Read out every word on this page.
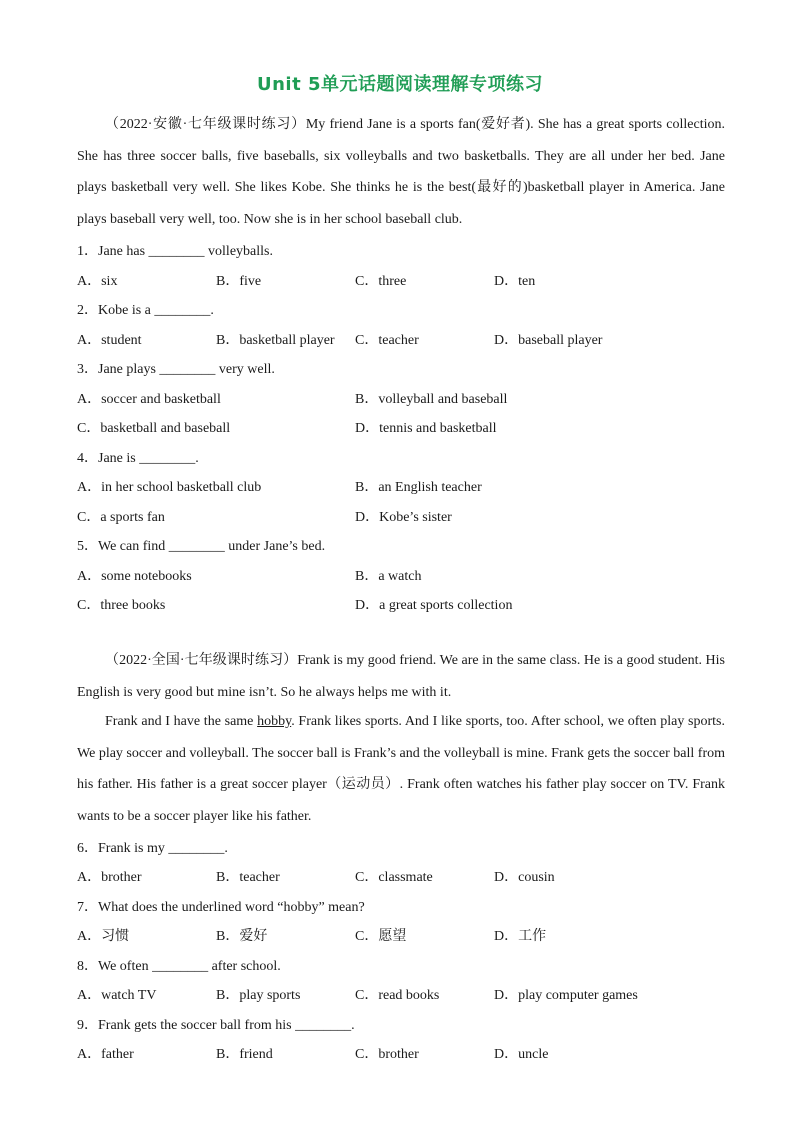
Unit 5单元话题阅读理解专项练习
（2022·安徽·七年级课时练习）My friend Jane is a sports fan(爱好者). She has a great sports collection. She has three soccer balls, five baseballs, six volleyballs and two basketballs. They are all under her bed. Jane plays basketball very well. She likes Kobe. She thinks he is the best(最好的)basketball player in America. Jane plays baseball very well, too. Now she is in her school baseball club.
1．Jane has ________ volleyballs.
A．six	B．five	C．three	D．ten
2．Kobe is a ________.
A．student	B．basketball player C．teacher	D．baseball player
3．Jane plays ________ very well.
A．soccer and basketball	B．volleyball and baseball
C．basketball and baseball	D．tennis and basketball
4．Jane is ________.
A．in her school basketball club	B．an English teacher
C．a sports fan	D．Kobe’s sister
5．We can find ________ under Jane’s bed.
A．some notebooks	B．a watch
C．three books	D．a great sports collection
（2022·全国·七年级课时练习）Frank is my good friend. We are in the same class. He is a good student. His English is very good but mine isn’t. So he always helps me with it.
Frank and I have the same hobby. Frank likes sports. And I like sports, too. After school, we often play sports. We play soccer and volleyball. The soccer ball is Frank’s and the volleyball is mine. Frank gets the soccer ball from his father. His father is a great soccer player（运动员）. Frank often watches his father play soccer on TV. Frank wants to be a soccer player like his father.
6．Frank is my ________.
A．brother	B．teacher	C．classmate	D．cousin
7．What does the underlined word “hobby” mean?
A．习惯	B．爱好	C．愿望	D．工作
8．We often ________ after school.
A．watch TV	B．play sports	C．read books	D．play computer games
9．Frank gets the soccer ball from his ________.
A．father	B．friend	C．brother	D．uncle
